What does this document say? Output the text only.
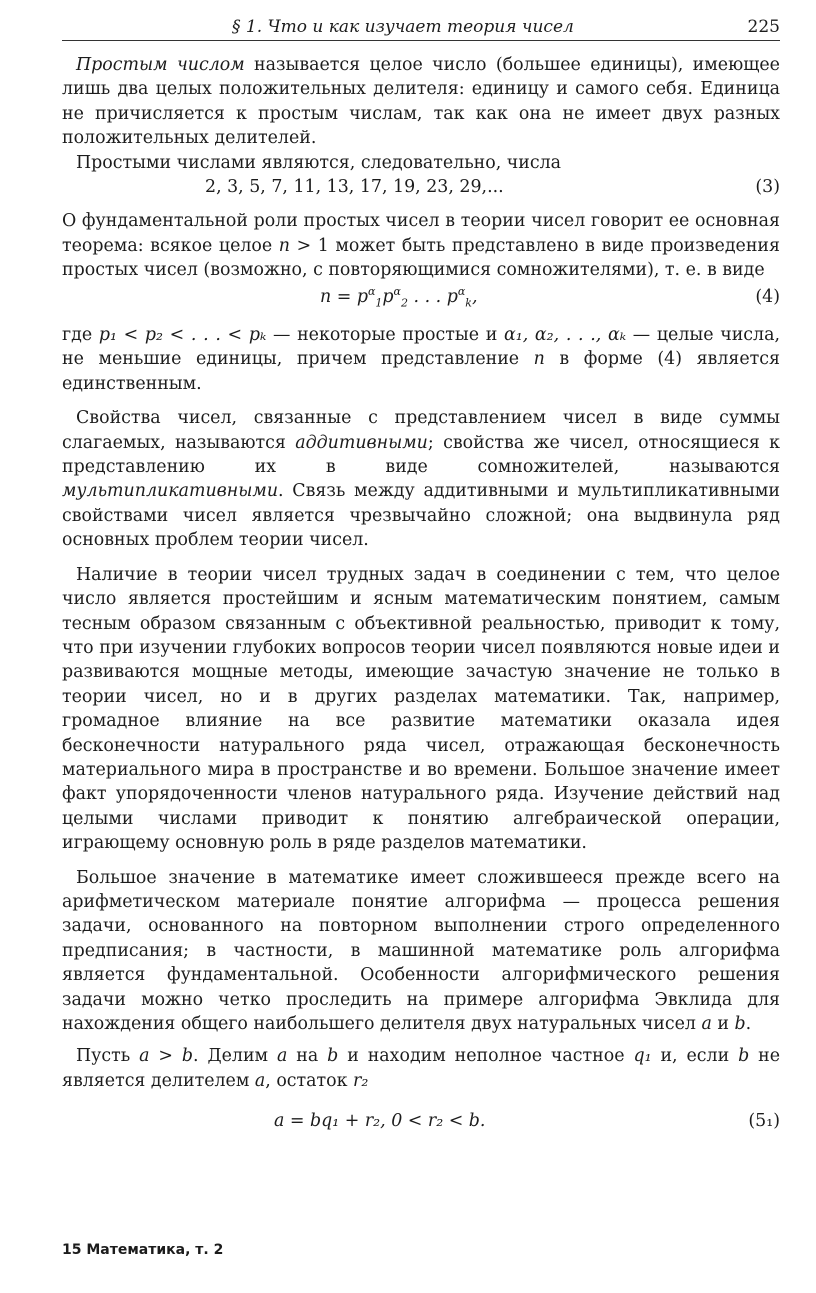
§ 1. Что и как изучает теория чисел	225

Простым числом называется целое число (большее единицы), имеющее лишь два целых положительных делителя: единицу и самого себя. Единица не причисляется к простым числам, так как она не имеет двух разных положительных делителей.

Простыми числами являются, следовательно, числа

2, 3, 5, 7, 11, 13, 17, 19, 23, 29,...	(3)

О фундаментальной роли простых чисел в теории чисел говорит ее основная теорема: всякое целое n > 1 может быть представлено в виде произведения простых чисел (возможно, с повторяющимися сомножителями), т. е. в виде

$n = p^\alpha_1p^\alpha_2$ . . . $p^\alpha_k$,	(4)

где p₁ < p₂ < . . . < pₖ — некоторые простые и α₁, α₂, . . ., αₖ — целые числа, не меньшие единицы, причем представление n в форме (4) является единственным.

Свойства чисел, связанные с представлением чисел в виде суммы слагаемых, называются аддитивными; свойства же чисел, относящиеся к представлению их в виде сомножителей, называются мультипликативными. Связь между аддитивными и мультипликативными свойствами чисел является чрезвычайно сложной; она выдвинула ряд основных проблем теории чисел.

Наличие в теории чисел трудных задач в соединении с тем, что целое число является простейшим и ясным математическим понятием, самым тесным образом связанным с объективной реальностью, приводит к тому, что при изучении глубоких вопросов теории чисел появляются новые идеи и развиваются мощные методы, имеющие зачастую значение не только в теории чисел, но и в других разделах математики. Так, например, громадное влияние на все развитие математики оказала идея бесконечности натурального ряда чисел, отражающая бесконечность материального мира в пространстве и во времени. Большое значение имеет факт упорядоченности членов натурального ряда. Изучение действий над целыми числами приводит к понятию алгебраической операции, играющему основную роль в ряде разделов математики.

Большое значение в математике имеет сложившееся прежде всего на арифметическом материале понятие алгорифма — процесса решения задачи, основанного на повторном выполнении строго определенного предписания; в частности, в машинной математике роль алгорифма является фундаментальной. Особенности алгорифмического решения задачи можно четко проследить на примере алгорифма Эвклида для нахождения общего наибольшего делителя двух натуральных чисел a и b.

Пусть a > b. Делим a на b и находим неполное частное q₁ и, если b не является делителем a, остаток r₂

a = bq₁ + r₂, 0 < r₂ < b.	(5₁)
15 Математика, т. 2
